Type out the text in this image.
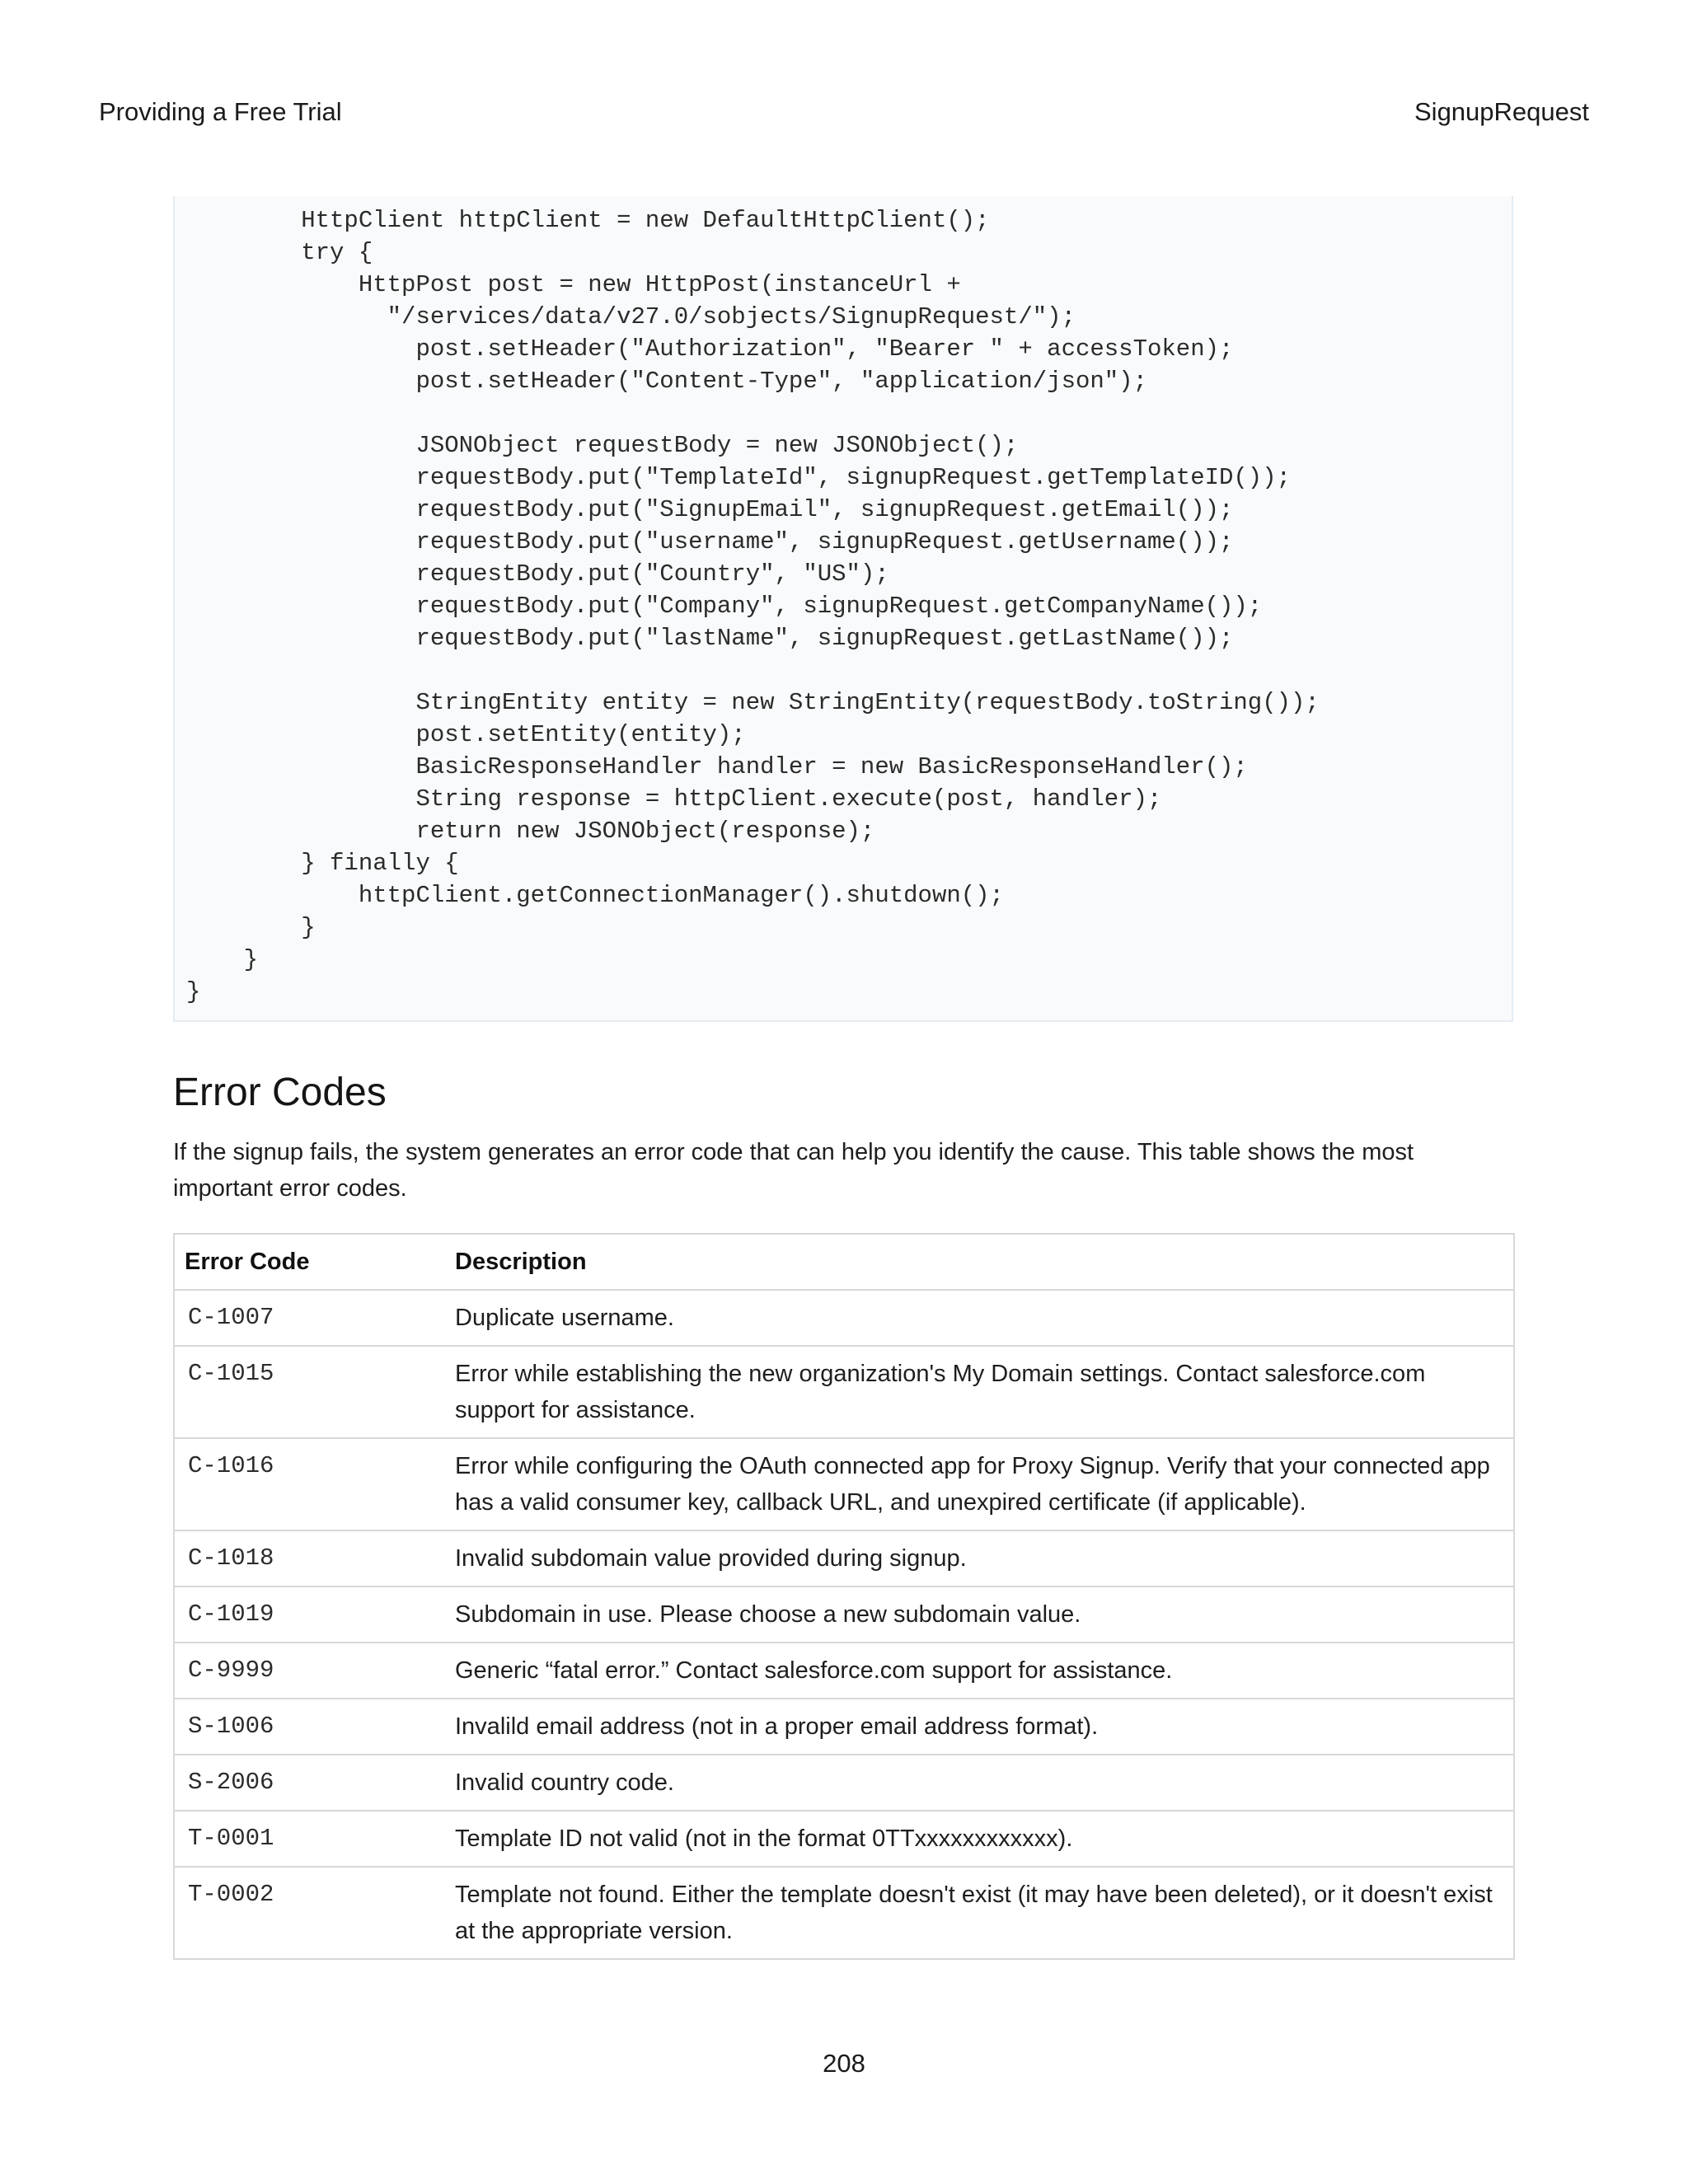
Providing a Free Trial	SignupRequest
HttpClient httpClient = new DefaultHttpClient();
try {
HttpPost post = new HttpPost(instanceUrl +
"/services/data/v27.0/sobjects/SignupRequest/");
post.setHeader("Authorization", "Bearer " + accessToken);
post.setHeader("Content-Type", "application/json");

JSONObject requestBody = new JSONObject();
requestBody.put("TemplateId", signupRequest.getTemplateID());
requestBody.put("SignupEmail", signupRequest.getEmail());
requestBody.put("username", signupRequest.getUsername());
requestBody.put("Country", "US");
requestBody.put("Company", signupRequest.getCompanyName());
requestBody.put("lastName", signupRequest.getLastName());

StringEntity entity = new StringEntity(requestBody.toString());
post.setEntity(entity);
BasicResponseHandler handler = new BasicResponseHandler();
String response = httpClient.execute(post, handler);
return new JSONObject(response);
} finally {
httpClient.getConnectionManager().shutdown();
}
}
}
Error Codes

If the signup fails, the system generates an error code that can help you identify the cause. This table shows the most important error codes.

Error Code	Description
C-1007	Duplicate username.
C-1015	Error while establishing the new organization's My Domain settings. Contact salesforce.com support for assistance.
C-1016	Error while configuring the OAuth connected app for Proxy Signup. Verify that your connected app has a valid consumer key, callback URL, and unexpired certificate (if applicable).
C-1018	Invalid subdomain value provided during signup.
C-1019	Subdomain in use. Please choose a new subdomain value.
C-9999	Generic “fatal error.” Contact salesforce.com support for assistance.
S-1006	Invalild email address (not in a proper email address format).
S-2006	Invalid country code.
T-0001	Template ID not valid (not in the format 0TTxxxxxxxxxxxx).
T-0002	Template not found. Either the template doesn't exist (it may have been deleted), or it doesn't exist at the appropriate version.
208
